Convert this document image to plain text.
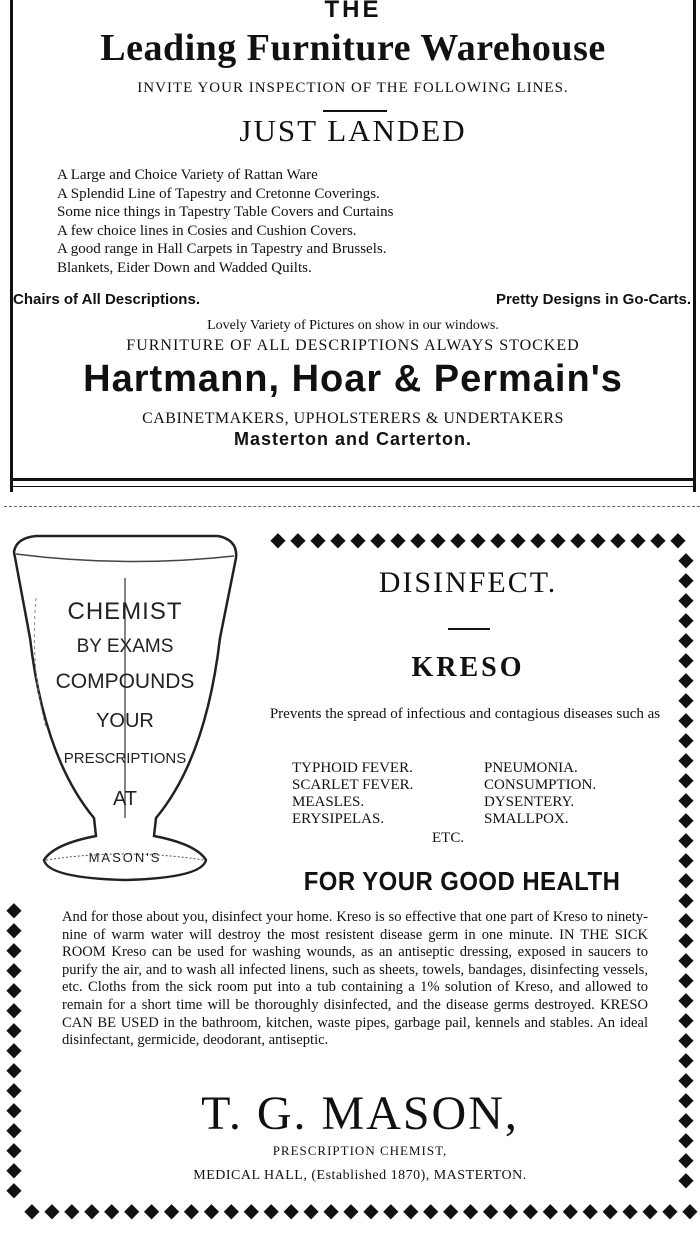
THE
Leading Furniture Warehouse
INVITE YOUR INSPECTION OF THE FOLLOWING LINES.
JUST LANDED
A Large and Choice Variety of Rattan Ware
A Splendid Line of Tapestry and Cretonne Coverings.
Some nice things in Tapestry Table Covers and Curtains
A few choice lines in Cosies and Cushion Covers.
A good range in Hall Carpets in Tapestry and Brussels.
Blankets, Eider Down and Wadded Quilts.
Chairs of All Descriptions.	Pretty Designs in Go-Carts.
Lovely Variety of Pictures on show in our windows.
FURNITURE OF ALL DESCRIPTIONS ALWAYS STOCKED
Hartmann, Hoar & Permain's
CABINETMAKERS, UPHOLSTERERS & UNDERTAKERS
Masterton and Carterton.
◆ ◆ ◆ ◆ ◆ ◆ ◆ ◆ ◆ ◆ ◆ ◆ ◆ ◆ ◆ ◆ ◆ ◆ ◆ ◆ ◆
◆
◆
◆
◆
◆
◆
◆
◆
◆
◆
◆
◆
◆
◆
◆
◆
◆
◆
◆
◆
◆
◆
◆
◆
◆
◆
◆
◆
◆
◆
◆
◆
◆
◆
◆
◆
◆
◆
◆
◆
◆
◆
◆
◆
◆
◆
◆
◆ ◆ ◆ ◆ ◆ ◆ ◆ ◆ ◆ ◆ ◆ ◆ ◆ ◆ ◆ ◆ ◆ ◆ ◆ ◆ ◆ ◆ ◆ ◆ ◆ ◆ ◆ ◆ ◆ ◆ ◆ ◆ ◆ ◆
CHEMIST
BY EXAMS
COMPOUNDS
YOUR
PRESCRIPTIONS
AT
MASON'S
DISINFECT.
KRESO
Prevents the spread of infectious and contagious diseases such as
TYPHOID FEVER.
SCARLET FEVER.
MEASLES.
ERYSIPELAS.
PNEUMONIA.
CONSUMPTION.
DYSENTERY.
SMALLPOX.
ETC.
FOR YOUR GOOD HEALTH
And for those about you, disinfect your home. Kreso is so effective that one part of Kreso to ninety-nine of warm water will destroy the most resistent disease germ in one minute. IN THE SICK ROOM Kreso can be used for washing wounds, as an antiseptic dressing, exposed in saucers to purify the air, and to wash all infected linens, such as sheets, towels, bandages, disinfecting vessels, etc. Cloths from the sick room put into a tub containing a 1% solution of Kreso, and allowed to remain for a short time will be thoroughly disinfected, and the disease germs destroyed. KRESO CAN BE USED in the bathroom, kitchen, waste pipes, garbage pail, kennels and stables. An ideal disinfectant, germicide, deodorant, antiseptic.
T. G. MASON,
PRESCRIPTION CHEMIST,
MEDICAL HALL, (Established 1870), MASTERTON.
